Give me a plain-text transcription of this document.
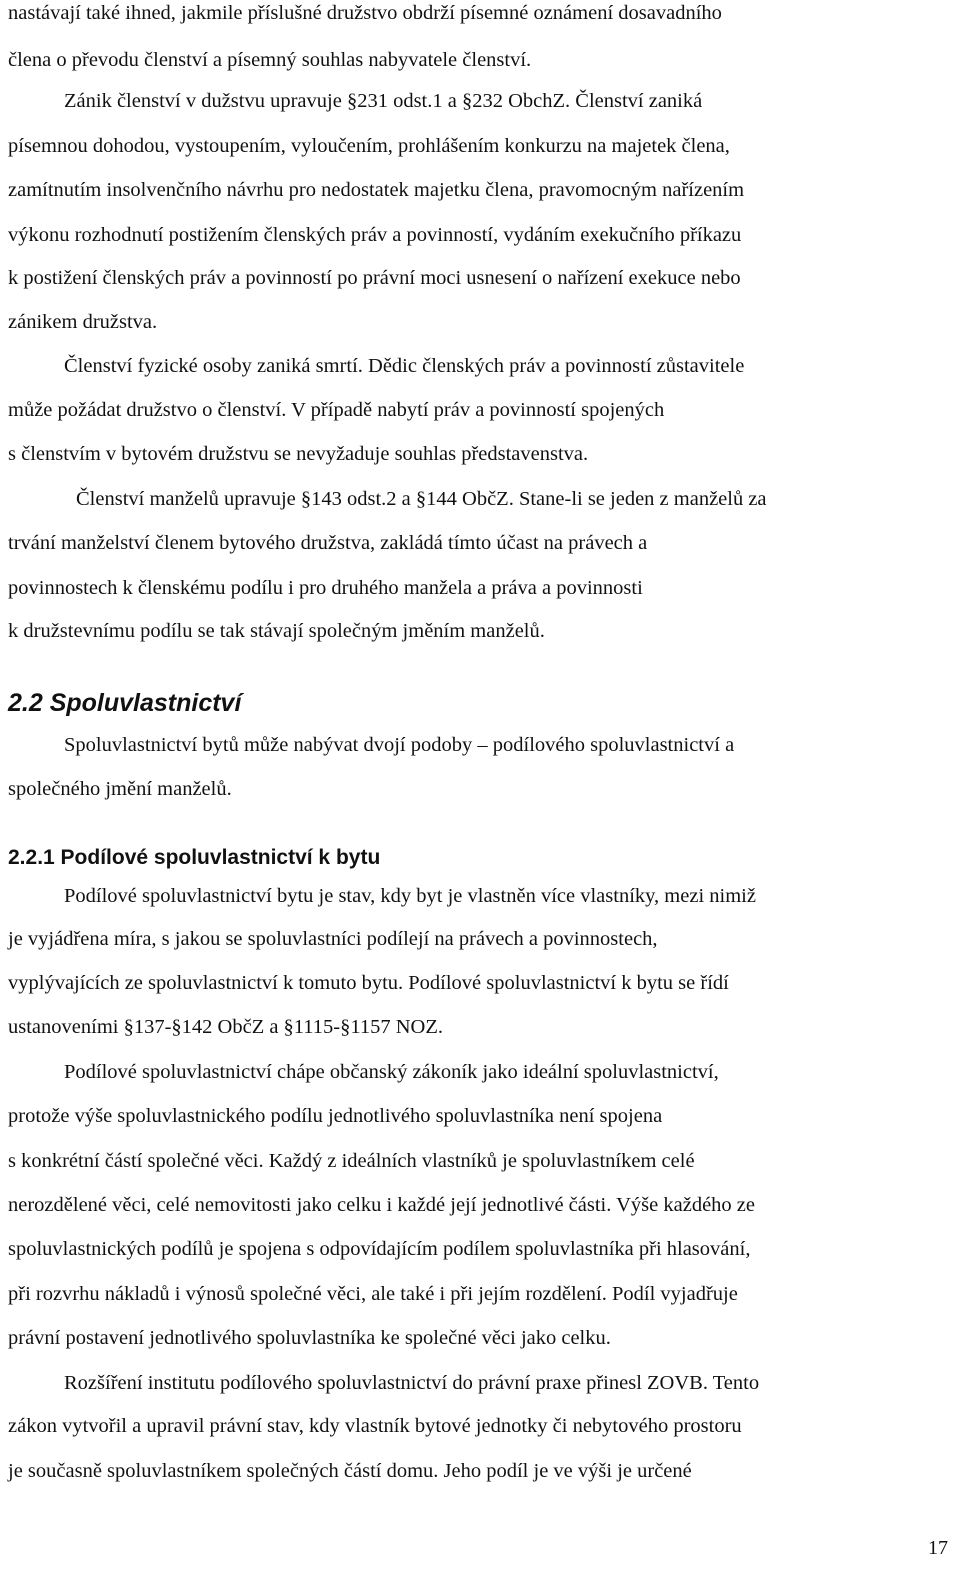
nastávají také ihned, jakmile příslušné družstvo obdrží písemné oznámení dosavadního
člena o převodu členství a písemný souhlas nabyvatele členství.
Zánik členství v dužstvu upravuje §231 odst.1 a §232 ObchZ. Členství zaniká
písemnou dohodou, vystoupením, vyloučením, prohlášením konkurzu na majetek člena,
zamítnutím insolvenčního návrhu pro nedostatek majetku člena, pravomocným nařízením
výkonu rozhodnutí postižením členských práv a povinností, vydáním exekučního příkazu
k postižení členských práv a povinností po právní moci usnesení o nařízení exekuce nebo
zánikem družstva.
Členství fyzické osoby zaniká smrtí. Dědic členských práv a povinností zůstavitele
může požádat družstvo o členství. V případě nabytí práv a povinností spojených
s členstvím v bytovém družstvu se nevyžaduje souhlas představenstva.
Členství manželů upravuje §143 odst.2 a §144 ObčZ. Stane-li se jeden z manželů za
trvání manželství členem bytového družstva, zakládá tímto účast na právech a
povinnostech k členskému podílu i pro druhého manžela a práva a povinnosti
k družstevnímu podílu se tak stávají společným jměním manželů.
2.2 Spoluvlastnictví
Spoluvlastnictví bytů může nabývat dvojí podoby – podílového spoluvlastnictví a
společného jmění manželů.
2.2.1 Podílové spoluvlastnictví k bytu
Podílové spoluvlastnictví bytu je stav, kdy byt je vlastněn více vlastníky, mezi nimiž
je vyjádřena míra, s jakou se spoluvlastníci podílejí na právech a povinnostech,
vyplývajících ze spoluvlastnictví k tomuto bytu. Podílové spoluvlastnictví k bytu se řídí
ustanoveními §137-§142 ObčZ a §1115-§1157 NOZ.
Podílové spoluvlastnictví chápe občanský zákoník jako ideální spoluvlastnictví,
protože výše spoluvlastnického podílu jednotlivého spoluvlastníka není spojena
s konkrétní částí společné věci. Každý z ideálních vlastníků je spoluvlastníkem celé
nerozdělené věci, celé nemovitosti jako celku i každé její jednotlivé části. Výše každého ze
spoluvlastnických podílů je spojena s odpovídajícím podílem spoluvlastníka při hlasování,
při rozvrhu nákladů i výnosů společné věci, ale také i při jejím rozdělení. Podíl vyjadřuje
právní postavení jednotlivého spoluvlastníka ke společné věci jako celku.
Rozšíření institutu podílového spoluvlastnictví do právní praxe přinesl ZOVB. Tento
zákon vytvořil a upravil právní stav, kdy vlastník bytové jednotky či nebytového prostoru
je současně spoluvlastníkem společných částí domu. Jeho podíl je ve výši je určené
17
